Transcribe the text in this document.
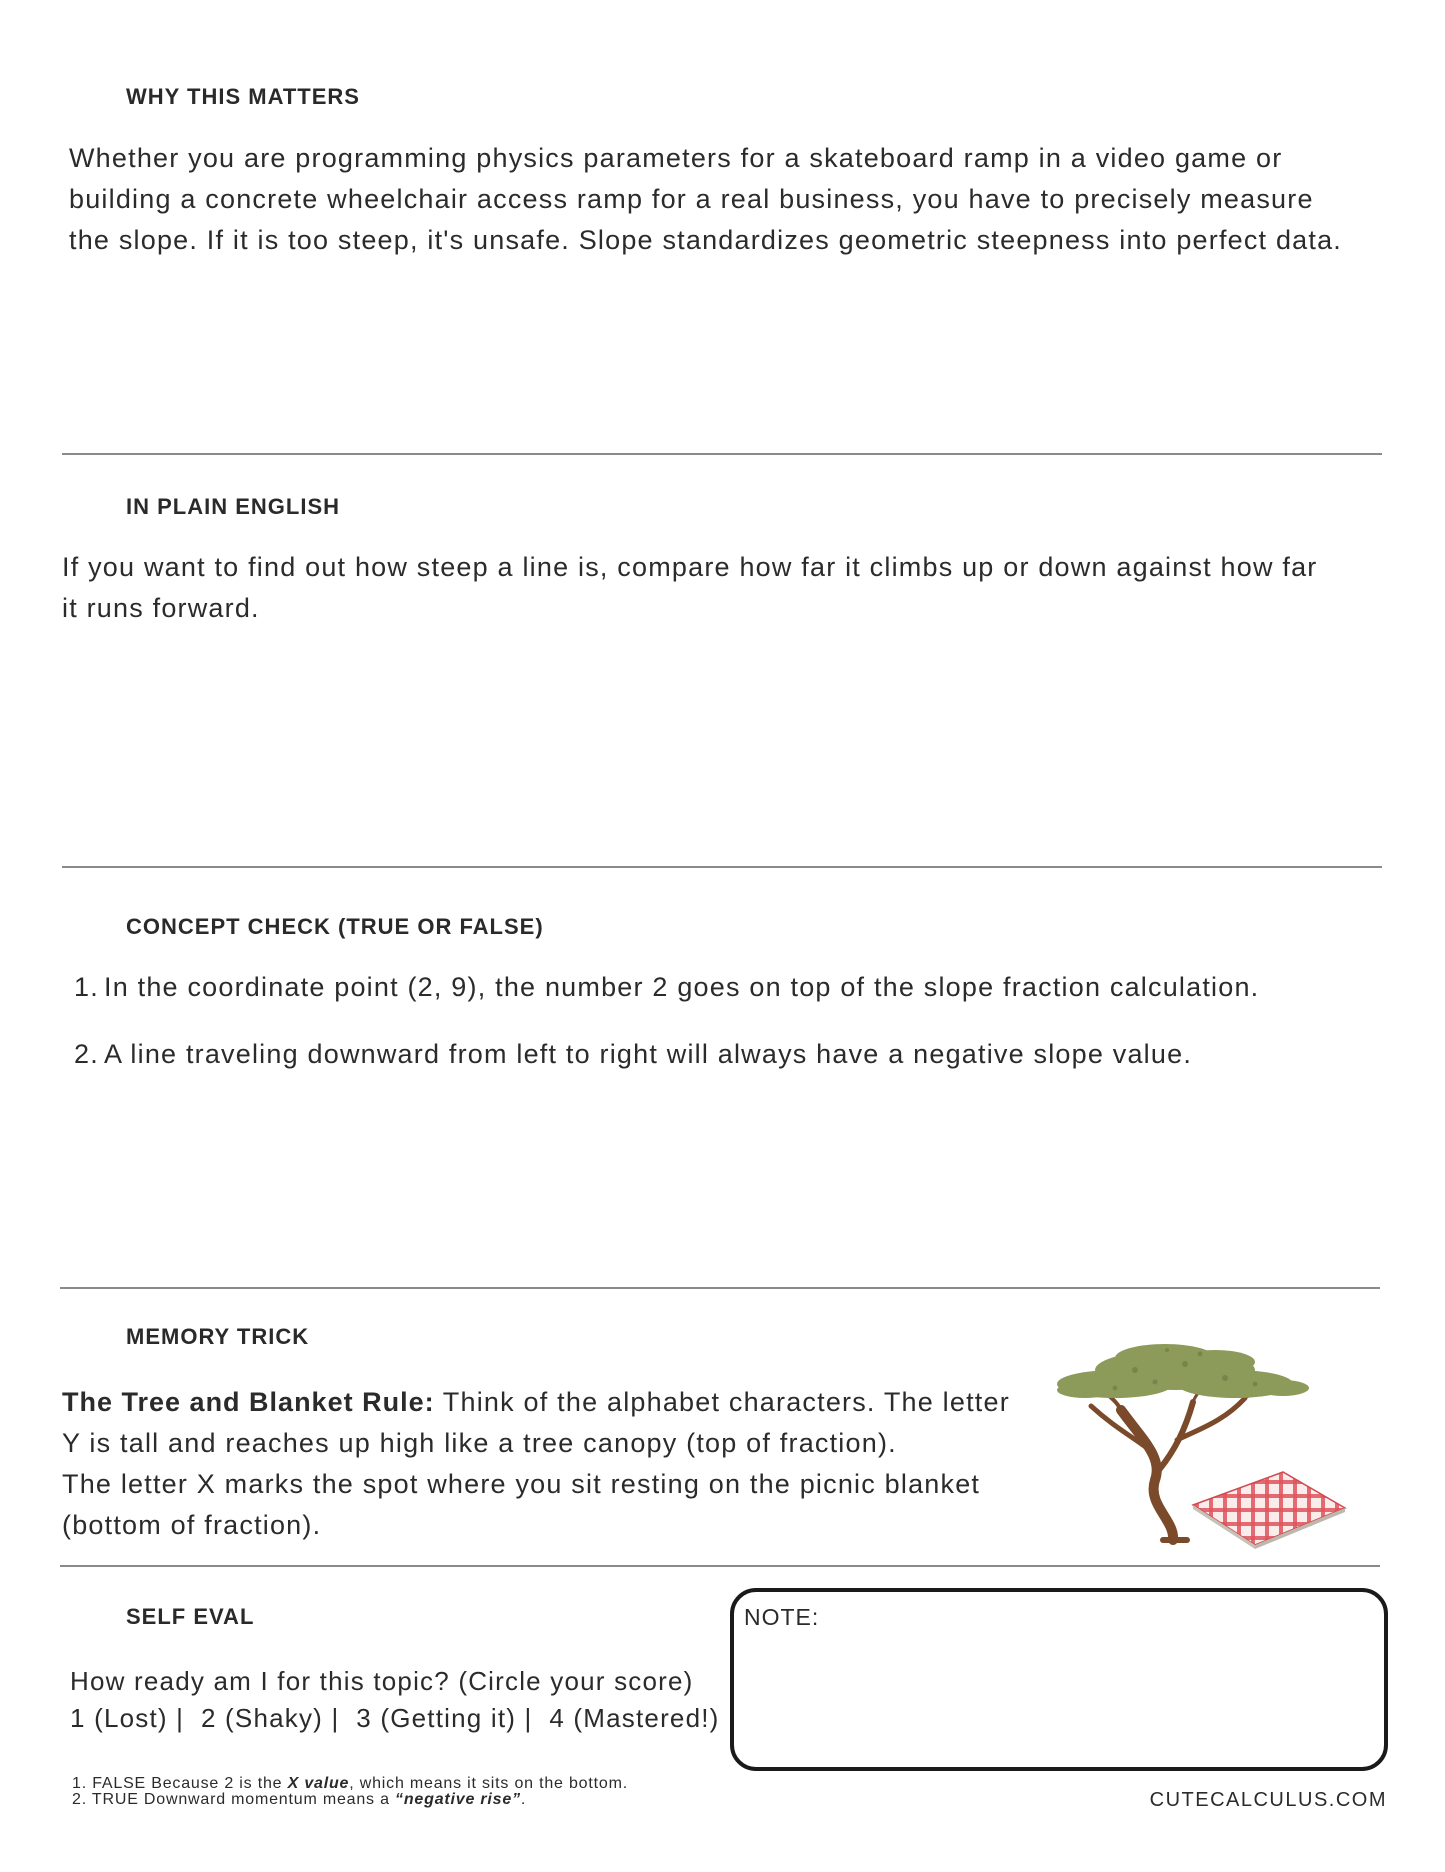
WHY THIS MATTERS
Whether you are programming physics parameters for a skateboard ramp in a video game or
building a concrete wheelchair access ramp for a real business, you have to precisely measure
the slope. If it is too steep, it's unsafe. Slope standardizes geometric steepness into perfect data.
IN PLAIN ENGLISH
If you want to find out how steep a line is, compare how far it climbs up or down against how far
it runs forward.
CONCEPT CHECK (TRUE OR FALSE)
1. In the coordinate point (2, 9), the number 2 goes on top of the slope fraction calculation.
2. A line traveling downward from left to right will always have a negative slope value.
MEMORY TRICK
The Tree and Blanket Rule: Think of the alphabet characters. The letter
Y is tall and reaches up high like a tree canopy (top of fraction).
The letter X marks the spot where you sit resting on the picnic blanket
(bottom of fraction).
SELF EVAL
How ready am I for this topic? (Circle your score)
1 (Lost) |  2 (Shaky) |  3 (Getting it) |  4 (Mastered!)
NOTE:
1. FALSE Because 2 is the X value, which means it sits on the bottom.
2. TRUE Downward momentum means a “negative rise”.	CUTECALCULUS.COM
